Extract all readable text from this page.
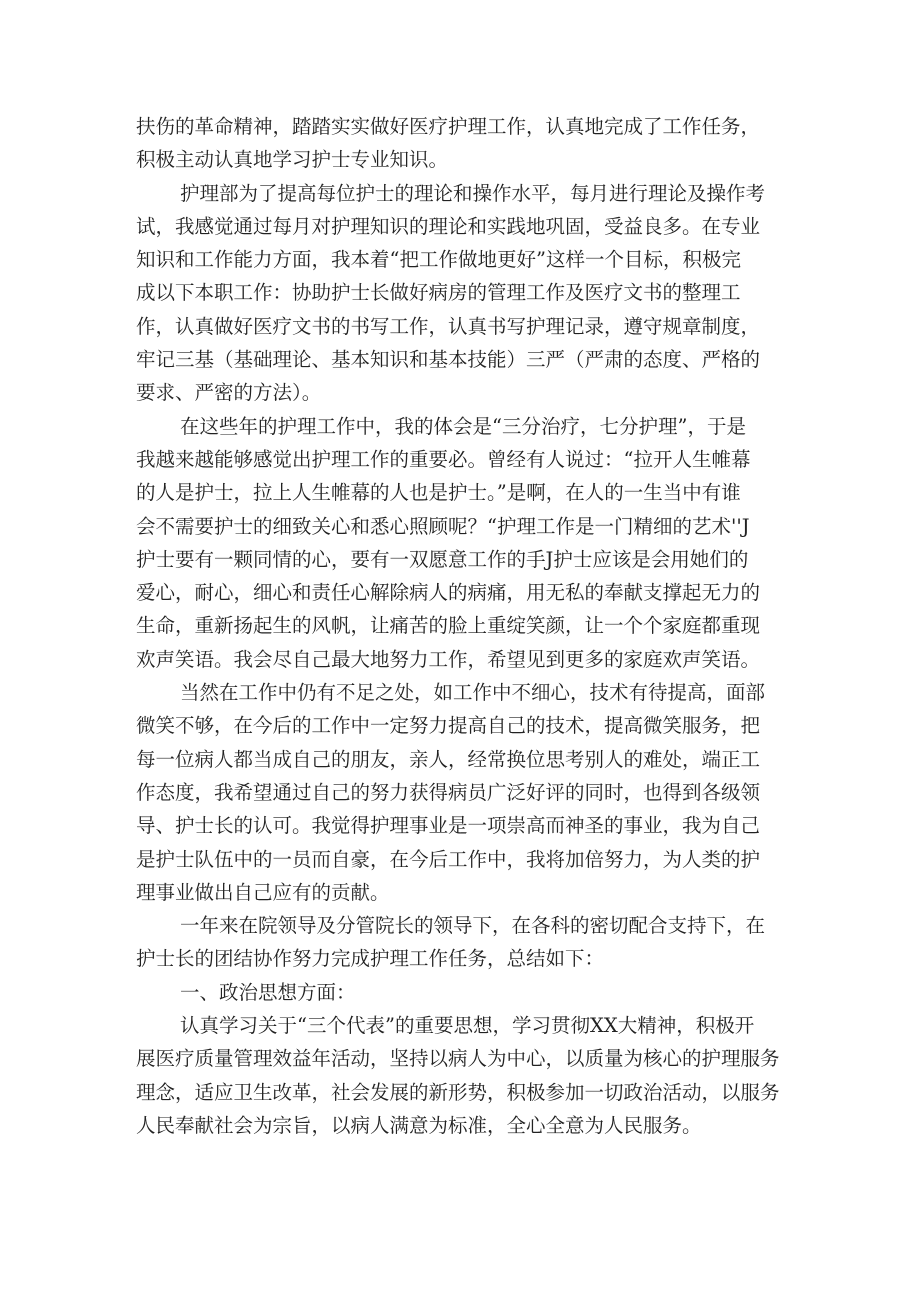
扶伤的革命精神，踏踏实实做好医疗护理工作，认真地完成了工作任务，
积极主动认真地学习护士专业知识。
护理部为了提高每位护士的理论和操作水平，每月进行理论及操作考
试，我感觉通过每月对护理知识的理论和实践地巩固，受益良多。在专业
知识和工作能力方面，我本着“把工作做地更好”这样一个目标，积极完
成以下本职工作：协助护士长做好病房的管理工作及医疗文书的整理工
作，认真做好医疗文书的书写工作，认真书写护理记录，遵守规章制度，
牢记三基（基础理论、基本知识和基本技能）三严（严肃的态度、严格的
要求、严密的方法）。
在这些年的护理工作中，我的体会是“三分治疗，七分护理”，于是
我越来越能够感觉出护理工作的重要必。曾经有人说过：“拉开人生帷幕
的人是护士，拉上人生帷幕的人也是护士。”是啊，在人的一生当中有谁
会不需要护士的细致关心和悉心照顾呢？“护理工作是一门精细的艺术''J
护士要有一颗同情的心，要有一双愿意工作的手J护士应该是会用她们的
爱心，耐心，细心和责任心解除病人的病痛，用无私的奉献支撑起无力的
生命，重新扬起生的风帆，让痛苦的脸上重绽笑颜，让一个个家庭都重现
欢声笑语。我会尽自己最大地努力工作，希望见到更多的家庭欢声笑语。
当然在工作中仍有不足之处，如工作中不细心，技术有待提高，面部
微笑不够，在今后的工作中一定努力提高自己的技术，提高微笑服务，把
每一位病人都当成自己的朋友，亲人，经常换位思考别人的难处，端正工
作态度，我希望通过自己的努力获得病员广泛好评的同时，也得到各级领
导、护士长的认可。我觉得护理事业是一项崇高而神圣的事业，我为自己
是护士队伍中的一员而自豪，在今后工作中，我将加倍努力，为人类的护
理事业做出自己应有的贡献。
一年来在院领导及分管院长的领导下，在各科的密切配合支持下，在
护士长的团结协作努力完成护理工作任务，总结如下：
一、政治思想方面：
认真学习关于“三个代表”的重要思想，学习贯彻XX大精神，积极开
展医疗质量管理效益年活动，坚持以病人为中心，以质量为核心的护理服务
理念，适应卫生改革，社会发展的新形势，积极参加一切政治活动，以服务
人民奉献社会为宗旨，以病人满意为标准，全心全意为人民服务。
